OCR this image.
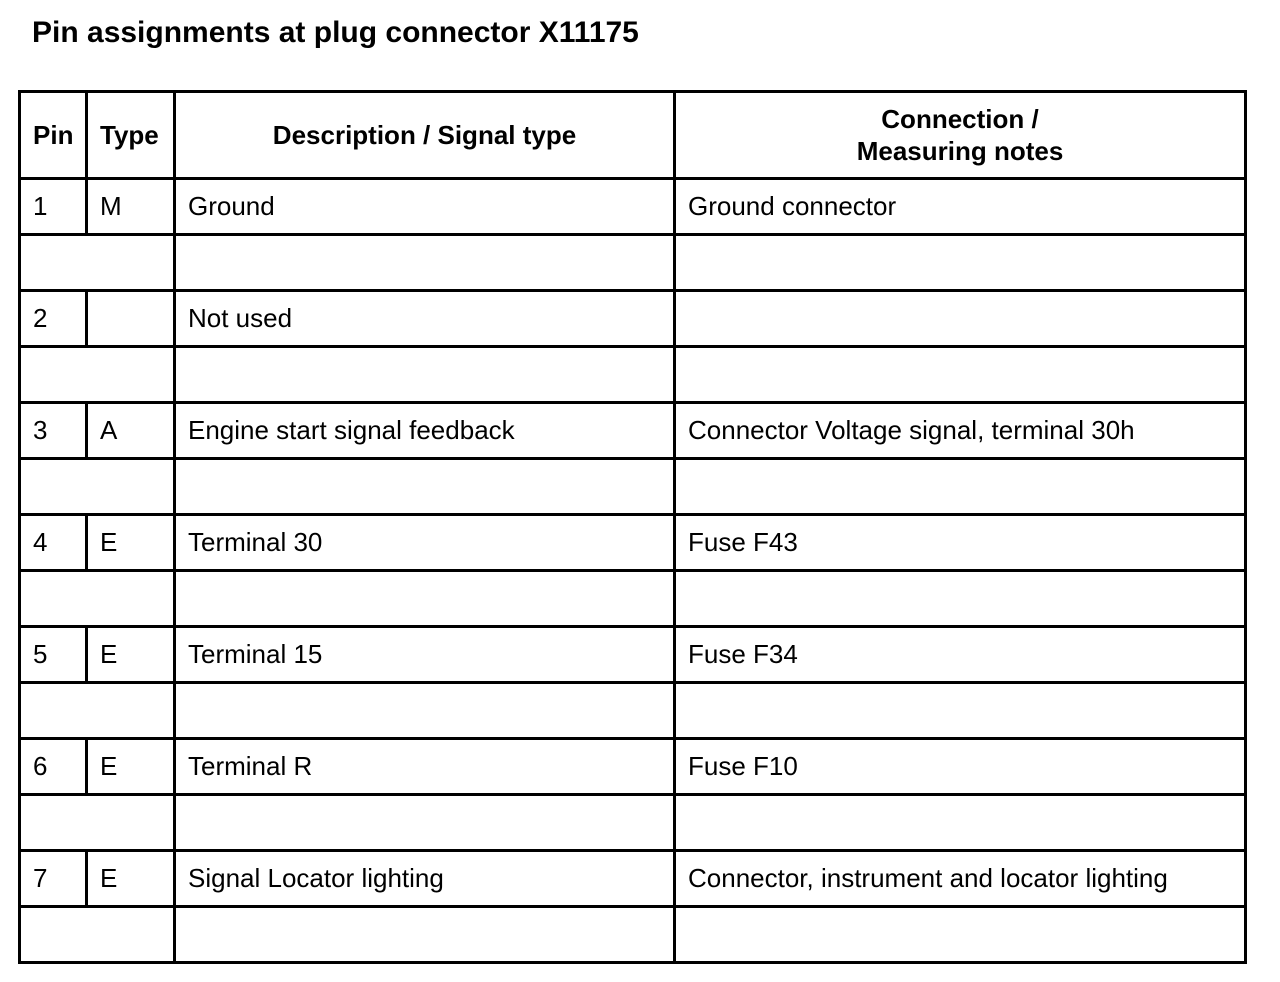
Pin assignments at plug connector X11175
Pin	Type	Description / Signal type	Connection /
Measuring notes
1	M	Ground	Ground connector

2		Not used	

3	A	Engine start signal feedback	Connector Voltage signal, terminal 30h

4	E	Terminal 30	Fuse F43

5	E	Terminal 15	Fuse F34

6	E	Terminal R	Fuse F10

7	E	Signal Locator lighting	Connector, instrument and locator lighting
